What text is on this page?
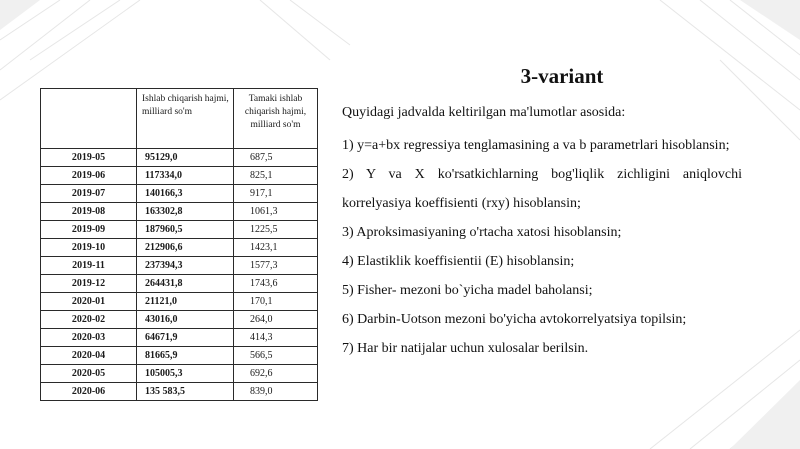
	Ishlab chiqarish hajmi, milliard so'm	Tamaki ishlab chiqarish hajmi, milliard so'm
2019-05	95129,0	687,5
2019-06	117334,0	825,1
2019-07	140166,3	917,1
2019-08	163302,8	1061,3
2019-09	187960,5	1225,5
2019-10	212906,6	1423,1
2019-11	237394,3	1577,3
2019-12	264431,8	1743,6
2020-01	21121,0	170,1
2020-02	43016,0	264,0
2020-03	64671,9	414,3
2020-04	81665,9	566,5
2020-05	105005,3	692,6
2020-06	135 583,5	839,0
3-variant

Quyidagi jadvalda keltirilgan ma'lumotlar asosida:

1) y=a+bx regressiya tenglamasining a va b parametrlari hisoblansin;

2) Y va X ko'rsatkichlarning bog'liqlik zichligini aniqlovchi korrelyasiya koeffisienti (rxy) hisoblansin;

3) Aproksimasiyaning o'rtacha xatosi hisoblansin;

4) Elastiklik koeffisientii (E) hisoblansin;

5) Fisher- mezoni bo`yicha madel baholansi;

6) Darbin-Uotson mezoni bo'yicha avtokorrelyatsiya topilsin;

7) Har bir natijalar uchun xulosalar berilsin.
